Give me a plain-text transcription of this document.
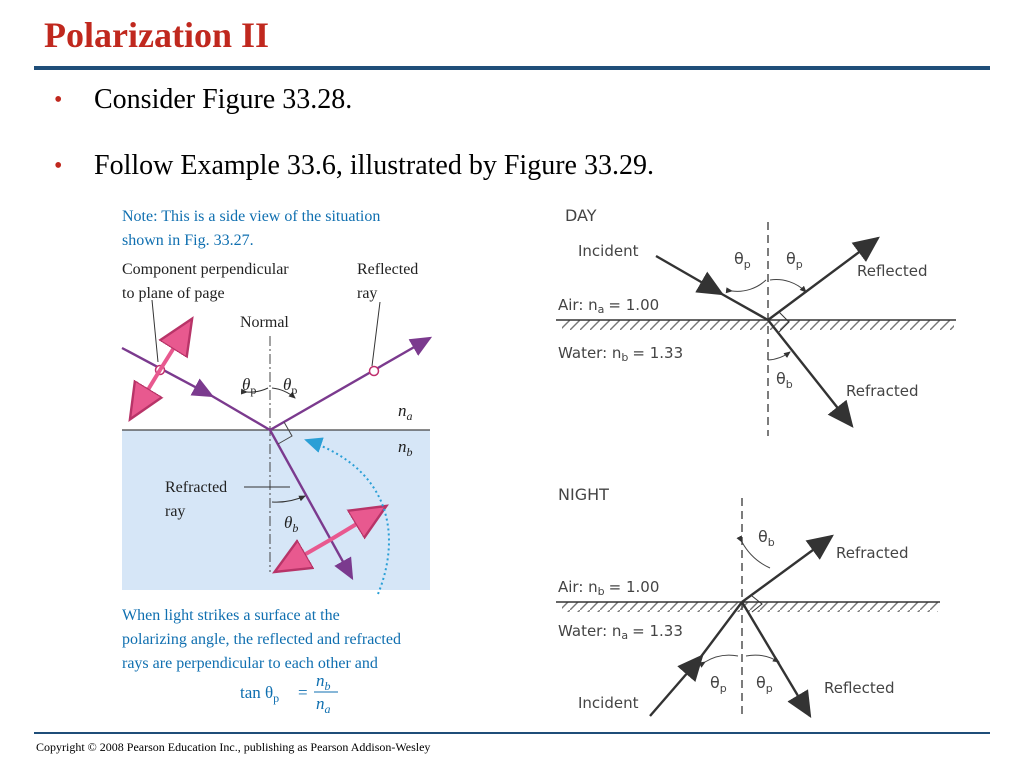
Polarization II
• Consider Figure 33.28.
• Follow Example 33.6, illustrated by Figure 33.29.
Note: This is a side view of the situation
shown in Fig. 33.27.
Component perpendicular
to plane of page
Reflected
ray
Normal
$\theta_p$ $\theta_p$
$\theta_b$
$n_a$
$n_b$
Refracted
ray
When light strikes a surface at the
polarizing angle, the reflected and refracted
rays are perpendicular to each other and
$\tan \theta_p$ =
$n_b$
$n_a$
DAY
Incident
Reflected
Refracted
Air: $n_a = 1.00$
Water: $n_b = 1.33$
$\theta_p$ $\theta_p$
$\theta_b$
NIGHT
Refracted
Reflected
Incident
Air: $n_b = 1.00$
Water: $n_a = 1.33$
$\theta_b$
$\theta_p$ $\theta_p$
Copyright © 2008 Pearson Education Inc., publishing as Pearson Addison-Wesley
